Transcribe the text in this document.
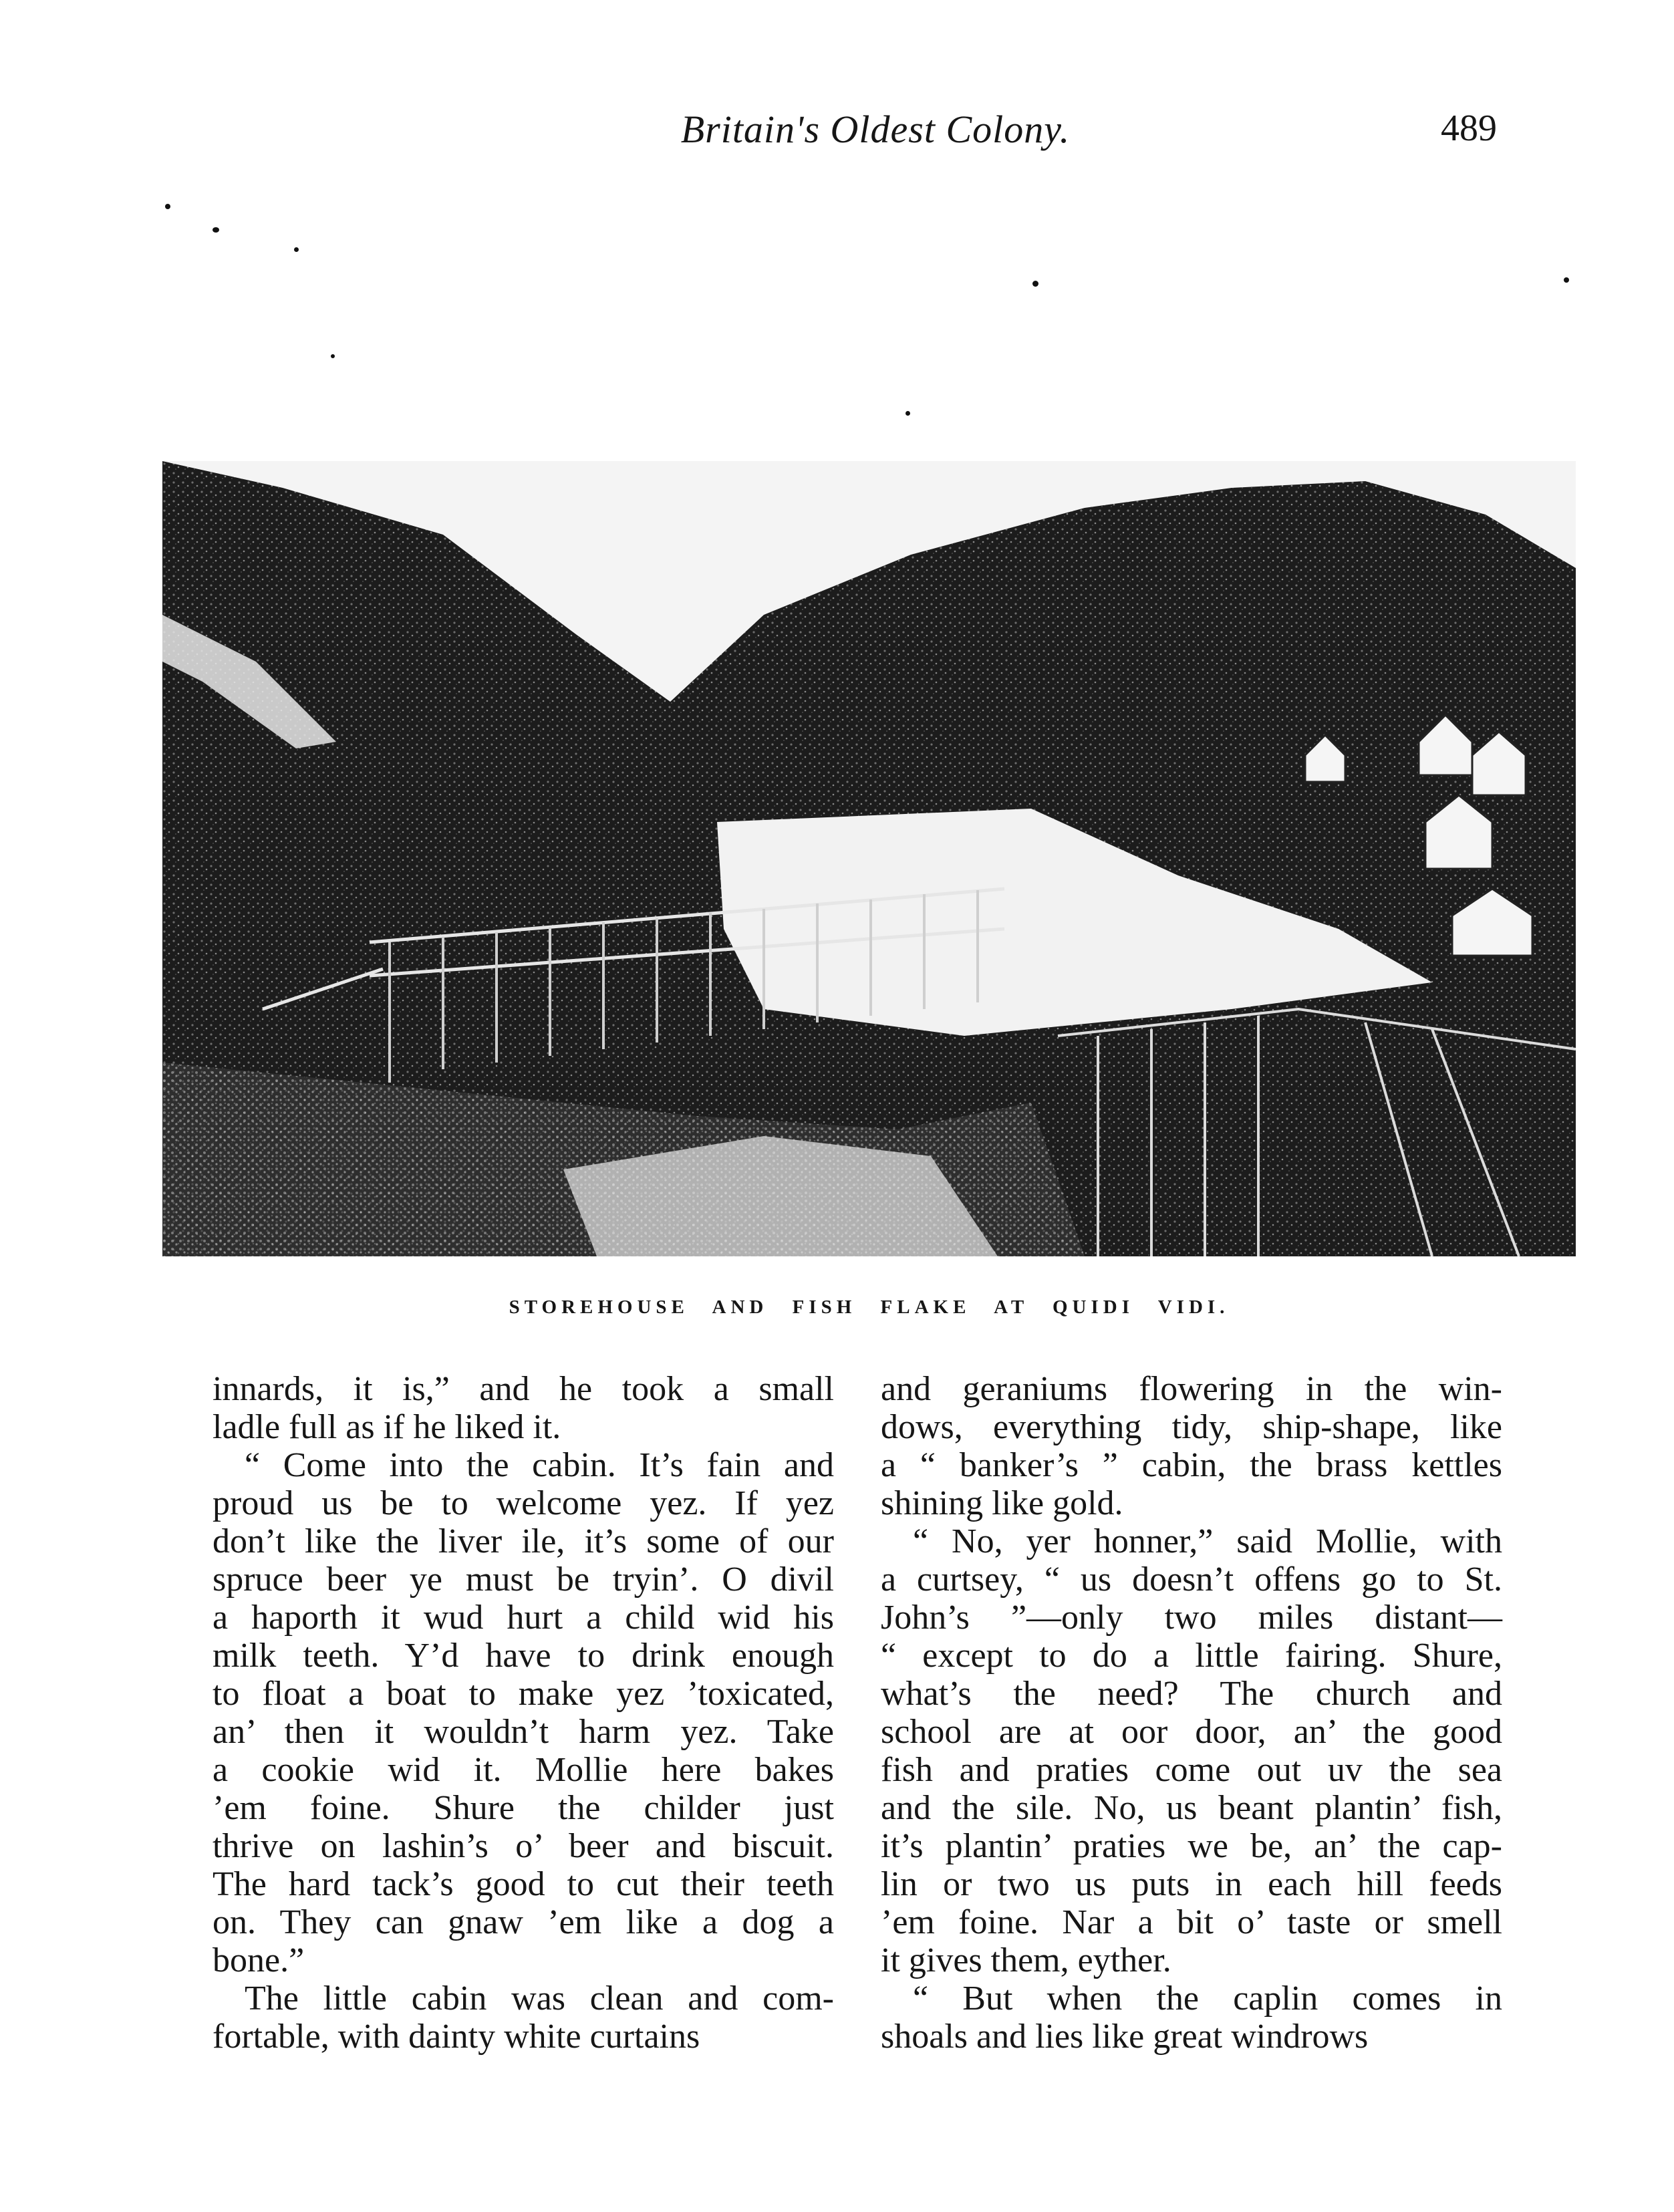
Britain's Oldest Colony.	489
STOREHOUSE AND FISH FLAKE AT QUIDI VIDI.

innards, it is,” and he took a small
ladle full as if he liked it.

“ Come into the cabin. It’s fain and
proud us be to welcome yez. If yez
don’t like the liver ile, it’s some of our
spruce beer ye must be tryin’. O divil
a haporth it wud hurt a child wid his
milk teeth. Y’d have to drink enough
to float a boat to make yez ’toxicated,
an’ then it wouldn’t harm yez. Take
a cookie wid it. Mollie here bakes
’em foine. Shure the childer just
thrive on lashin’s o’ beer and biscuit.
The hard tack’s good to cut their teeth
on. They can gnaw ’em like a dog a
bone.”

The little cabin was clean and com-
fortable, with dainty white curtains

and geraniums flowering in the win-
dows, everything tidy, ship-shape, like
a “ banker’s ” cabin, the brass kettles
shining like gold.

“ No, yer honner,” said Mollie, with
a curtsey, “ us doesn’t offens go to St.
John’s ”—only two miles distant—
“ except to do a little fairing. Shure,
what’s the need? The church and
school are at oor door, an’ the good
fish and praties come out uv the sea
and the sile. No, us beant plantin’ fish,
it’s plantin’ praties we be, an’ the cap-
lin or two us puts in each hill feeds
’em foine. Nar a bit o’ taste or smell
it gives them, eyther.

“ But when the caplin comes in
shoals and lies like great windrows
